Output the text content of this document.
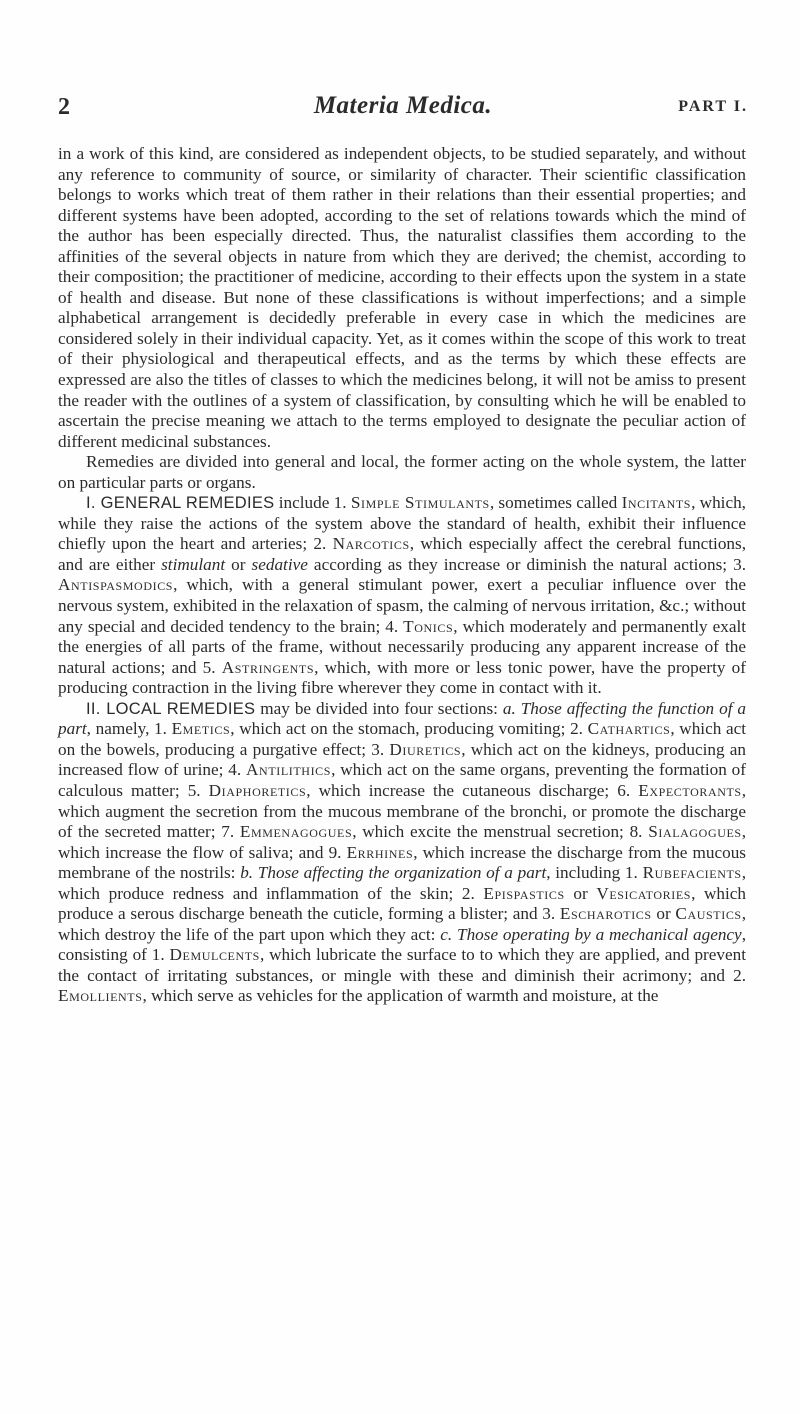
2	Materia Medica.	PART I.

in a work of this kind, are considered as independent objects, to be studied separately, and without any reference to community of source, or similarity of character. Their scientific classification belongs to works which treat of them rather in their relations than their essential properties; and different systems have been adopted, according to the set of relations towards which the mind of the author has been especially directed. Thus, the naturalist classifies them according to the affinities of the several objects in nature from which they are derived; the chemist, according to their composition; the practitioner of medicine, according to their effects upon the system in a state of health and disease. But none of these classifications is without imperfections; and a simple alphabetical arrangement is decidedly preferable in every case in which the medicines are considered solely in their individual capacity. Yet, as it comes within the scope of this work to treat of their physiological and therapeutical effects, and as the terms by which these effects are expressed are also the titles of classes to which the medicines belong, it will not be amiss to present the reader with the outlines of a system of classification, by consulting which he will be enabled to ascertain the precise meaning we attach to the terms employed to designate the peculiar action of different medicinal substances.

Remedies are divided into general and local, the former acting on the whole system, the latter on particular parts or organs.

I. GENERAL REMEDIES include 1. Simple Stimulants, sometimes called Incitants, which, while they raise the actions of the system above the standard of health, exhibit their influence chiefly upon the heart and arteries; 2. Narcotics, which especially affect the cerebral functions, and are either stimulant or sedative according as they increase or diminish the natural actions; 3. Antispasmodics, which, with a general stimulant power, exert a peculiar influence over the nervous system, exhibited in the relaxation of spasm, the calming of nervous irritation, &c.; without any special and decided tendency to the brain; 4. Tonics, which moderately and permanently exalt the energies of all parts of the frame, without necessarily producing any apparent increase of the natural actions; and 5. Astringents, which, with more or less tonic power, have the property of producing contraction in the living fibre wherever they come in contact with it.

II. LOCAL REMEDIES may be divided into four sections: a. Those affecting the function of a part, namely, 1. Emetics, which act on the stomach, producing vomiting; 2. Cathartics, which act on the bowels, producing a purgative effect; 3. Diuretics, which act on the kidneys, producing an increased flow of urine; 4. Antilithics, which act on the same organs, preventing the formation of calculous matter; 5. Diaphoretics, which increase the cutaneous discharge; 6. Expectorants, which augment the secretion from the mucous membrane of the bronchi, or promote the discharge of the secreted matter; 7. Emmenagogues, which excite the menstrual secretion; 8. Sialagogues, which increase the flow of saliva; and 9. Errhines, which increase the discharge from the mucous membrane of the nostrils: b. Those affecting the organization of a part, including 1. Rubefacients, which produce redness and inflammation of the skin; 2. Epispastics or Vesicatories, which produce a serous discharge beneath the cuticle, forming a blister; and 3. Escharotics or Caustics, which destroy the life of the part upon which they act: c. Those operating by a mechanical agency, consisting of 1. Demulcents, which lubricate the surface to to which they are applied, and prevent the contact of irritating substances, or mingle with these and diminish their acrimony; and 2. Emollients, which serve as vehicles for the application of warmth and moisture, at the
